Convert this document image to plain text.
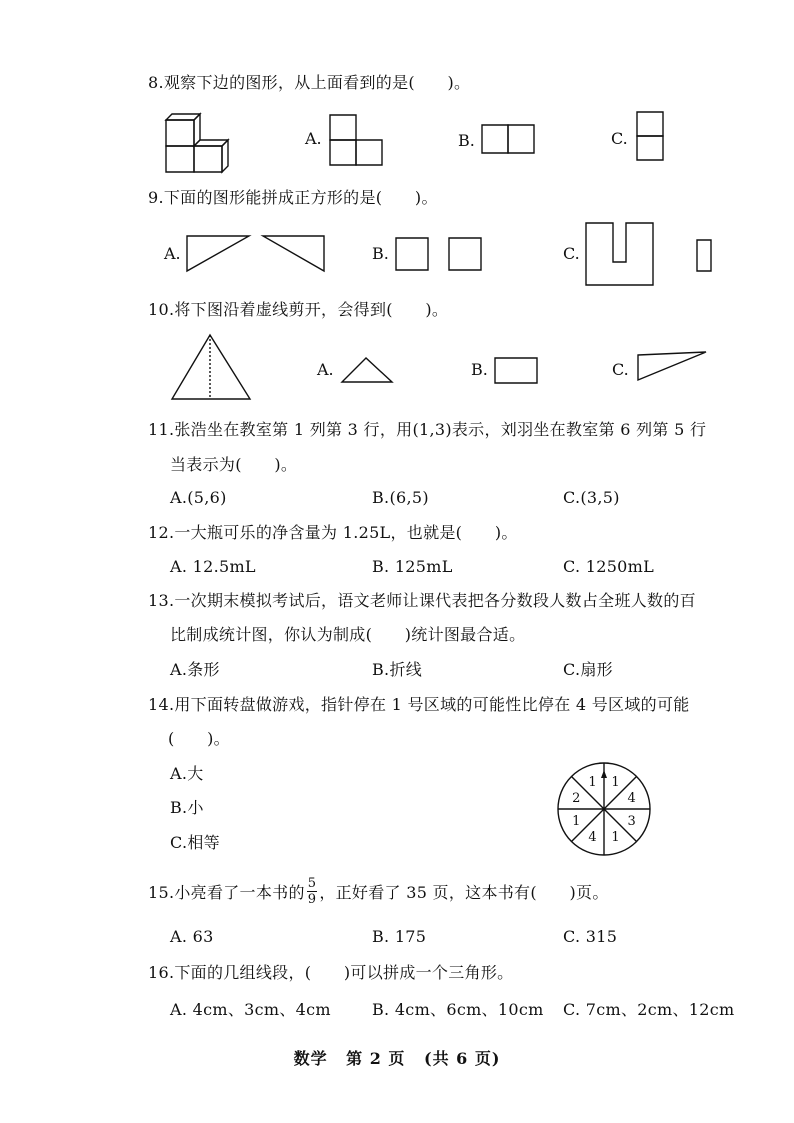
8.观察下边的图形，从上面看到的是(　　)。
A.	B.	C.
9.下面的图形能拼成正方形的是(　　)。
A.	B.	C.
10.将下图沿着虚线剪开，会得到(　　)。
A.	B.	C.
11.张浩坐在教室第 1 列第 3 行，用(1,3)表示，刘羽坐在教室第 6 列第 5 行
当表示为(　　)。
A.(5,6)	B.(6,5)	C.(3,5)
12.一大瓶可乐的净含量为 1.25L，也就是(　　)。
A. 12.5mL	B. 125mL	C. 1250mL
13.一次期末模拟考试后，语文老师让课代表把各分数段人数占全班人数的百
比制成统计图，你认为制成(　　)统计图最合适。
A.条形	B.折线	C.扇形
14.用下面转盘做游戏，指针停在 1 号区域的可能性比停在 4 号区域的可能
(　　)。
A.大
B.小
C.相等
1
4
3
1
4
1
2
1
15.小亮看了一本书的 $\frac{5}{9}$ ，正好看了 35 页，这本书有(　　)页。
A. 63	B. 175	C. 315
16.下面的几组线段，(　　)可以拼成一个三角形。
A. 4cm、3cm、4cm	B. 4cm、6cm、10cm C. 7cm、2cm、12cm
数学 第 2 页 (共 6 页)
